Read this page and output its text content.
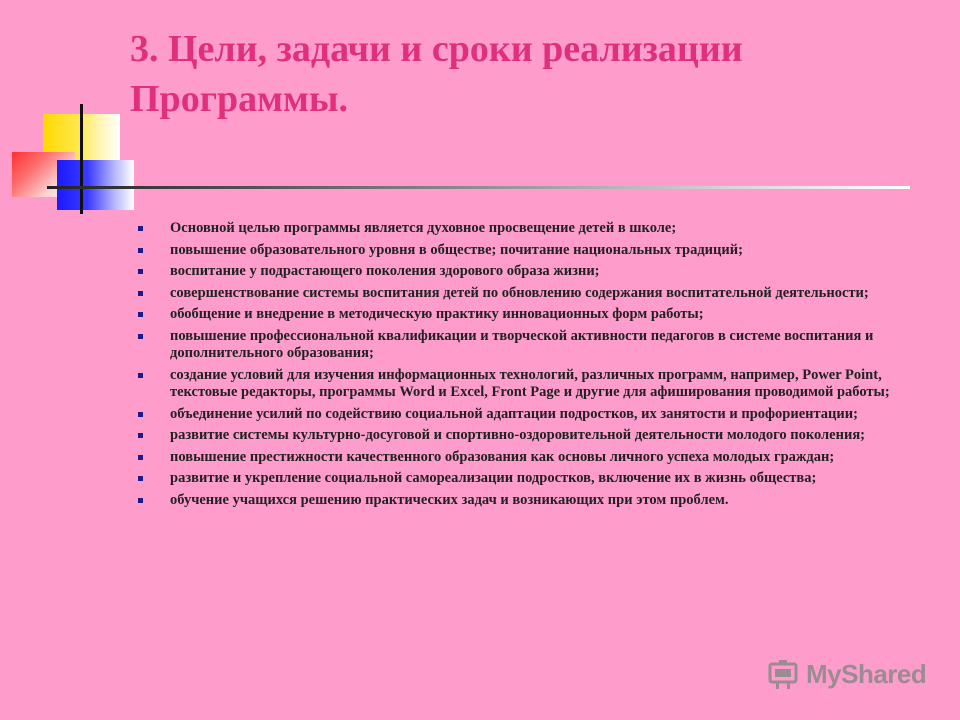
3. Цели, задачи и сроки реализации Программы.
Основной целью программы является духовное просвещение детей в школе;
повышение образовательного уровня в обществе; почитание национальных традиций;
воспитание у подрастающего поколения здорового образа жизни;
совершенствование системы воспитания детей по обновлению содержания воспитательной деятельности;
обобщение и внедрение в методическую практику инновационных форм работы;
повышение профессиональной квалификации и творческой активности педагогов в системе воспитания и дополнительного образования;
создание условий для изучения информационных технологий, различных программ, например, Power Point, текстовые редакторы, программы Word и Excel, Front Page и другие для афиширования проводимой работы;
объединение усилий по содействию социальной адаптации подростков, их занятости и профориентации;
развитие системы культурно-досуговой и спортивно-оздоровительной деятельности молодого поколения;
повышение престижности качественного образования как основы личного успеха молодых граждан;
развитие и укрепление социальной самореализации подростков, включение их в жизнь общества;
обучение учащихся решению практических задач и возникающих при этом проблем.
MyShared
